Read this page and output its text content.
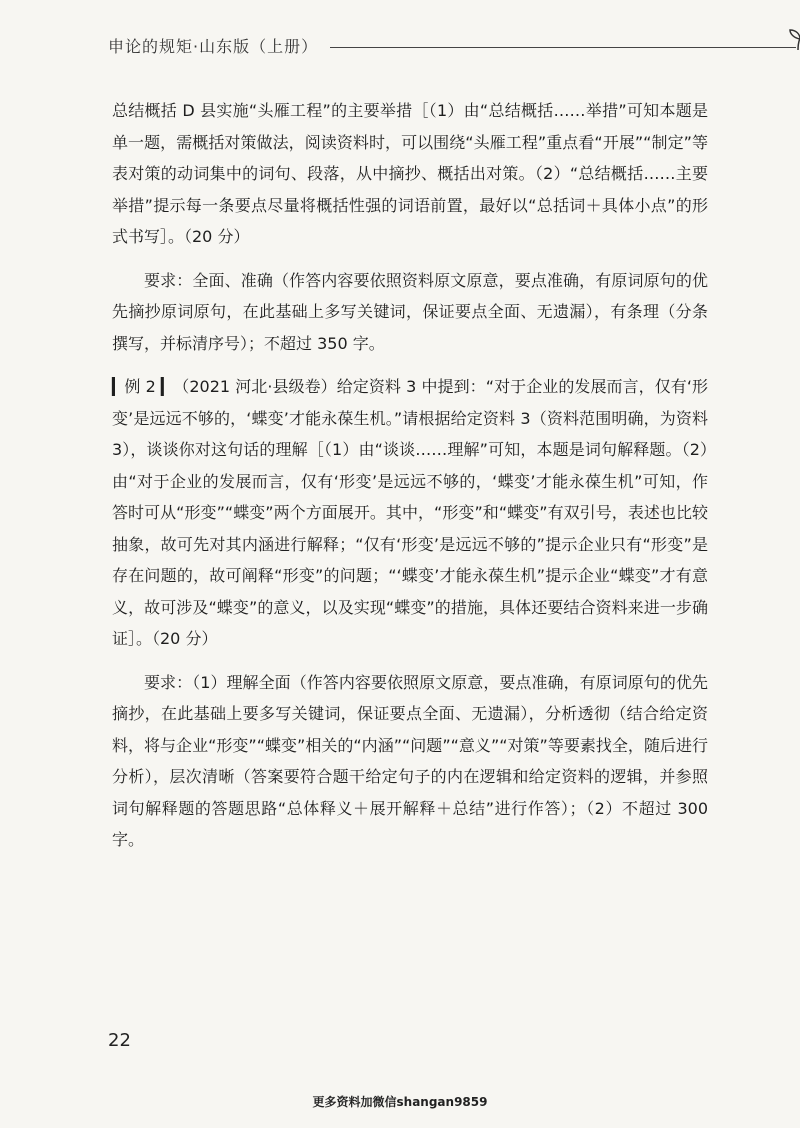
申论的规矩·山东版（上册）

总结概括 D 县实施“头雁工程”的主要举措［（1）由“总结概括……举措”可知本题是单一题，需概括对策做法，阅读资料时，可以围绕“头雁工程”重点看“开展”“制定”等表对策的动词集中的词句、段落，从中摘抄、概括出对策。（2）“总结概括……主要举措”提示每一条要点尽量将概括性强的词语前置，最好以“总括词＋具体小点”的形式书写］。（20 分）

要求：全面、准确（作答内容要依照资料原文原意，要点准确，有原词原句的优先摘抄原词原句，在此基础上多写关键词，保证要点全面、无遗漏），有条理（分条撰写，并标清序号）；不超过 350 字。

▎例 2 ▎（2021 河北·县级卷）给定资料 3 中提到：“对于企业的发展而言，仅有‘形变’是远远不够的，‘蝶变’才能永葆生机。”请根据给定资料 3（资料范围明确，为资料 3），谈谈你对这句话的理解［（1）由“谈谈……理解”可知，本题是词句解释题。（2）由“对于企业的发展而言，仅有‘形变’是远远不够的，‘蝶变’才能永葆生机”可知，作答时可从“形变”“蝶变”两个方面展开。其中，“形变”和“蝶变”有双引号，表述也比较抽象，故可先对其内涵进行解释；“仅有‘形变’是远远不够的”提示企业只有“形变”是存在问题的，故可阐释“形变”的问题；“‘蝶变’才能永葆生机”提示企业“蝶变”才有意义，故可涉及“蝶变”的意义，以及实现“蝶变”的措施，具体还要结合资料来进一步确证］。（20 分）

要求：（1）理解全面（作答内容要依照原文原意，要点准确，有原词原句的优先摘抄，在此基础上要多写关键词，保证要点全面、无遗漏），分析透彻（结合给定资料，将与企业“形变”“蝶变”相关的“内涵”“问题”“意义”“对策”等要素找全，随后进行分析），层次清晰（答案要符合题干给定句子的内在逻辑和给定资料的逻辑，并参照词句解释题的答题思路“总体释义＋展开解释＋总结”进行作答）；（2）不超过 300 字。

22
更多资料加微信shangan9859
